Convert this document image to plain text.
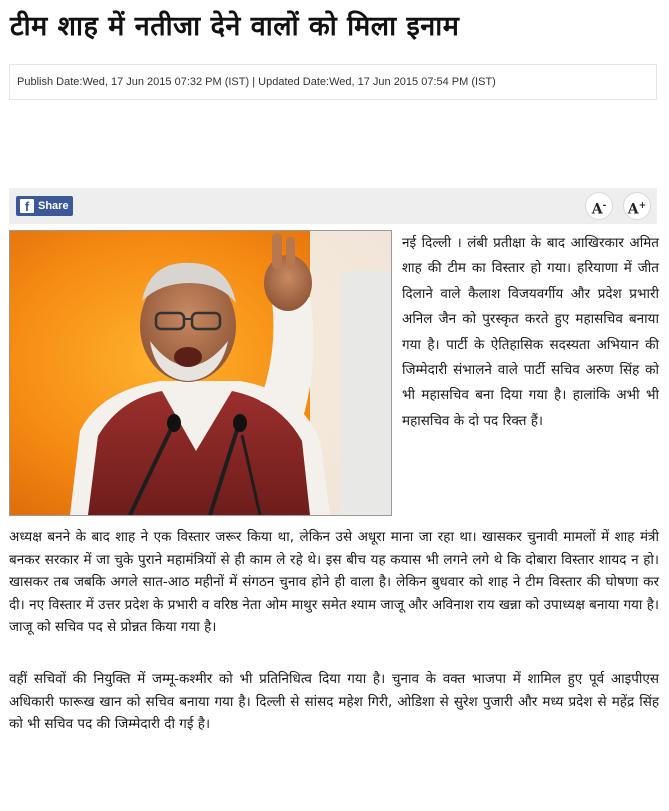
टीम शाह में नतीजा देने वालों को मिला इनाम
Publish Date:Wed, 17 Jun 2015 07:32 PM (IST) | Updated Date:Wed, 17 Jun 2015 07:54 PM (IST)
f Share	A-	A+

नई दिल्ली । लंबी प्रतीक्षा के बाद आखिरकार अमित शाह की टीम का विस्तार हो गया। हरियाणा में जीत दिलाने वाले कैलाश विजयवर्गीय और प्रदेश प्रभारी अनिल जैन को पुरस्कृत करते हुए महासचिव बनाया गया है। पार्टी के ऐतिहासिक सदस्यता अभियान की जिम्मेदारी संभालने वाले पार्टी सचिव अरुण सिंह को भी महासचिव बना दिया गया है। हालांकि अभी भी महासचिव के दो पद रिक्त हैं।

अध्यक्ष बनने के बाद शाह ने एक विस्तार जरूर किया था, लेकिन उसे अधूरा माना जा रहा था। खासकर चुनावी मामलों में शाह मंत्री बनकर सरकार में जा चुके पुराने महामंत्रियों से ही काम ले रहे थे। इस बीच यह कयास भी लगने लगे थे कि दोबारा विस्तार शायद न हो। खासकर तब जबकि अगले सात-आठ महीनों में संगठन चुनाव होने ही वाला है। लेकिन बुधवार को शाह ने टीम विस्तार की घोषणा कर दी। नए विस्तार में उत्तर प्रदेश के प्रभारी व वरिष्ठ नेता ओम माथुर समेत श्याम जाजू और अविनाश राय खन्ना को उपाध्यक्ष बनाया गया है। जाजू को सचिव पद से प्रोन्नत किया गया है।

वहीं सचिवों की नियुक्ति में जम्मू-कश्मीर को भी प्रतिनिधित्व दिया गया है। चुनाव के वक्त भाजपा में शामिल हुए पूर्व आइपीएस अधिकारी फारूख खान को सचिव बनाया गया है। दिल्ली से सांसद महेश गिरी, ओडिशा से सुरेश पुजारी और मध्य प्रदेश से महेंद्र सिंह को भी सचिव पद की जिम्मेदारी दी गई है।
